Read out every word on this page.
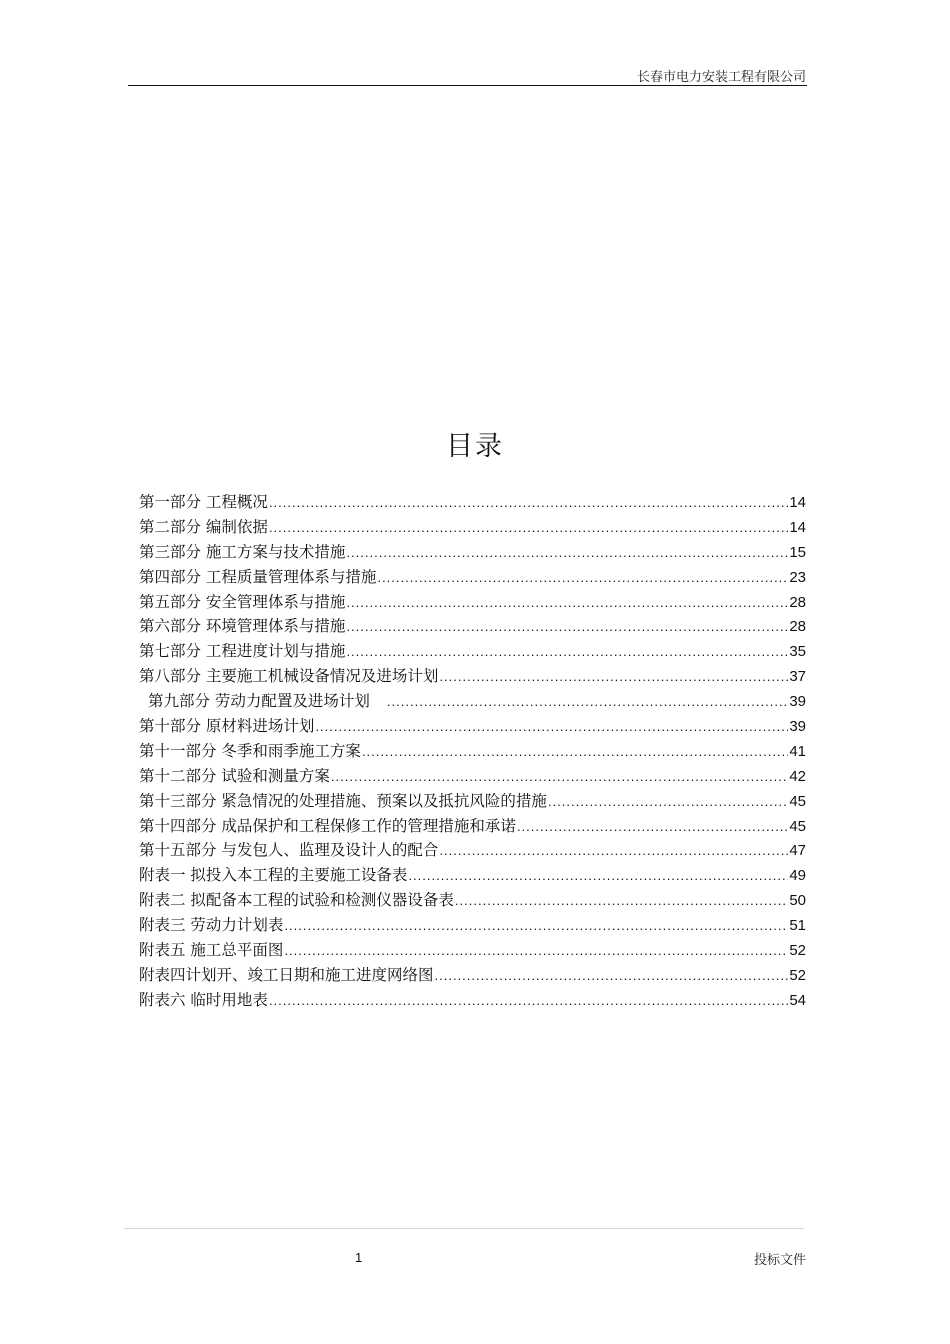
长春市电力安装工程有限公司
目录
第一部分 工程概况 .....	14
第二部分 编制依据 .....	14
第三部分 施工方案与技术措施 .....	15
第四部分 工程质量管理体系与措施 .....	23
第五部分 安全管理体系与措施 .....	28
第六部分 环境管理体系与措施 .....	28
第七部分 工程进度计划与措施 .....	35
第八部分 主要施工机械设备情况及进场计划 .....	37
第九部分 劳动力配置及进场计划 .....	39
第十部分 原材料进场计划 .....	39
第十一部分 冬季和雨季施工方案 .....	41
第十二部分 试验和测量方案 .....	42
第十三部分 紧急情况的处理措施、预案以及抵抗风险的措施 .....	45
第十四部分 成品保护和工程保修工作的管理措施和承诺 .....	45
第十五部分 与发包人、监理及设计人的配合 .....	47
附表一 拟投入本工程的主要施工设备表 .....	49
附表二 拟配备本工程的试验和检测仪器设备表 .....	50
附表三 劳动力计划表 .....	51
附表五 施工总平面图 .....	52
附表四计划开、竣工日期和施工进度网络图 .....	52
附表六 临时用地表 .....	54
1	投标文件
